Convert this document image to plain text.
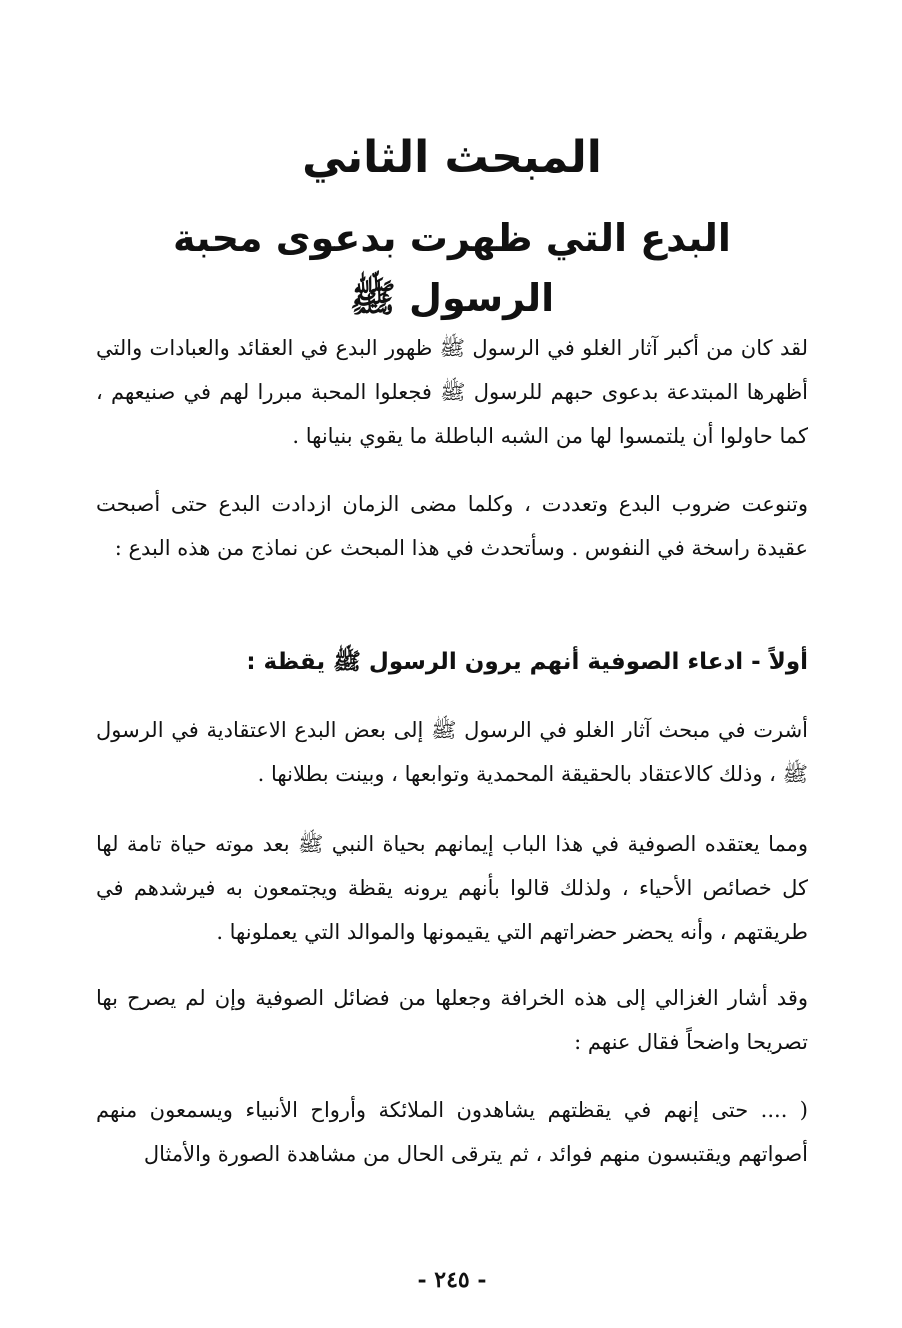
المبحث الثاني
البدع التي ظهرت بدعوى محبة الرسول ﷺ

لقد كان من أكبر آثار الغلو في الرسول ﷺ ظهور البدع في العقائد والعبادات والتي أظهرها المبتدعة بدعوى حبهم للرسول ﷺ فجعلوا المحبة مبررا لهم في صنيعهم ، كما حاولوا أن يلتمسوا لها من الشبه الباطلة ما يقوي بنيانها .

وتنوعت ضروب البدع وتعددت ، وكلما مضى الزمان ازدادت البدع حتى أصبحت عقيدة راسخة في النفوس . وسأتحدث في هذا المبحث عن نماذج من هذه البدع :

أولاً - ادعاء الصوفية أنهم يرون الرسول ﷺ يقظة :

أشرت في مبحث آثار الغلو في الرسول ﷺ إلى بعض البدع الاعتقادية في الرسول ﷺ ، وذلك كالاعتقاد بالحقيقة المحمدية وتوابعها ، وبينت بطلانها .

ومما يعتقده الصوفية في هذا الباب إيمانهم بحياة النبي ﷺ بعد موته حياة تامة لها كل خصائص الأحياء ، ولذلك قالوا بأنهم يرونه يقظة ويجتمعون به فيرشدهم في طريقتهم ، وأنه يحضر حضراتهم التي يقيمونها والموالد التي يعملونها .

وقد أشار الغزالي إلى هذه الخرافة وجعلها من فضائل الصوفية وإن لم يصرح بها تصريحا واضحاً فقال عنهم :

( .... حتى إنهم في يقظتهم يشاهدون الملائكة وأرواح الأنبياء ويسمعون منهم أصواتهم ويقتبسون منهم فوائد ، ثم يترقى الحال من مشاهدة الصورة والأمثال

- ٢٤٥ -
